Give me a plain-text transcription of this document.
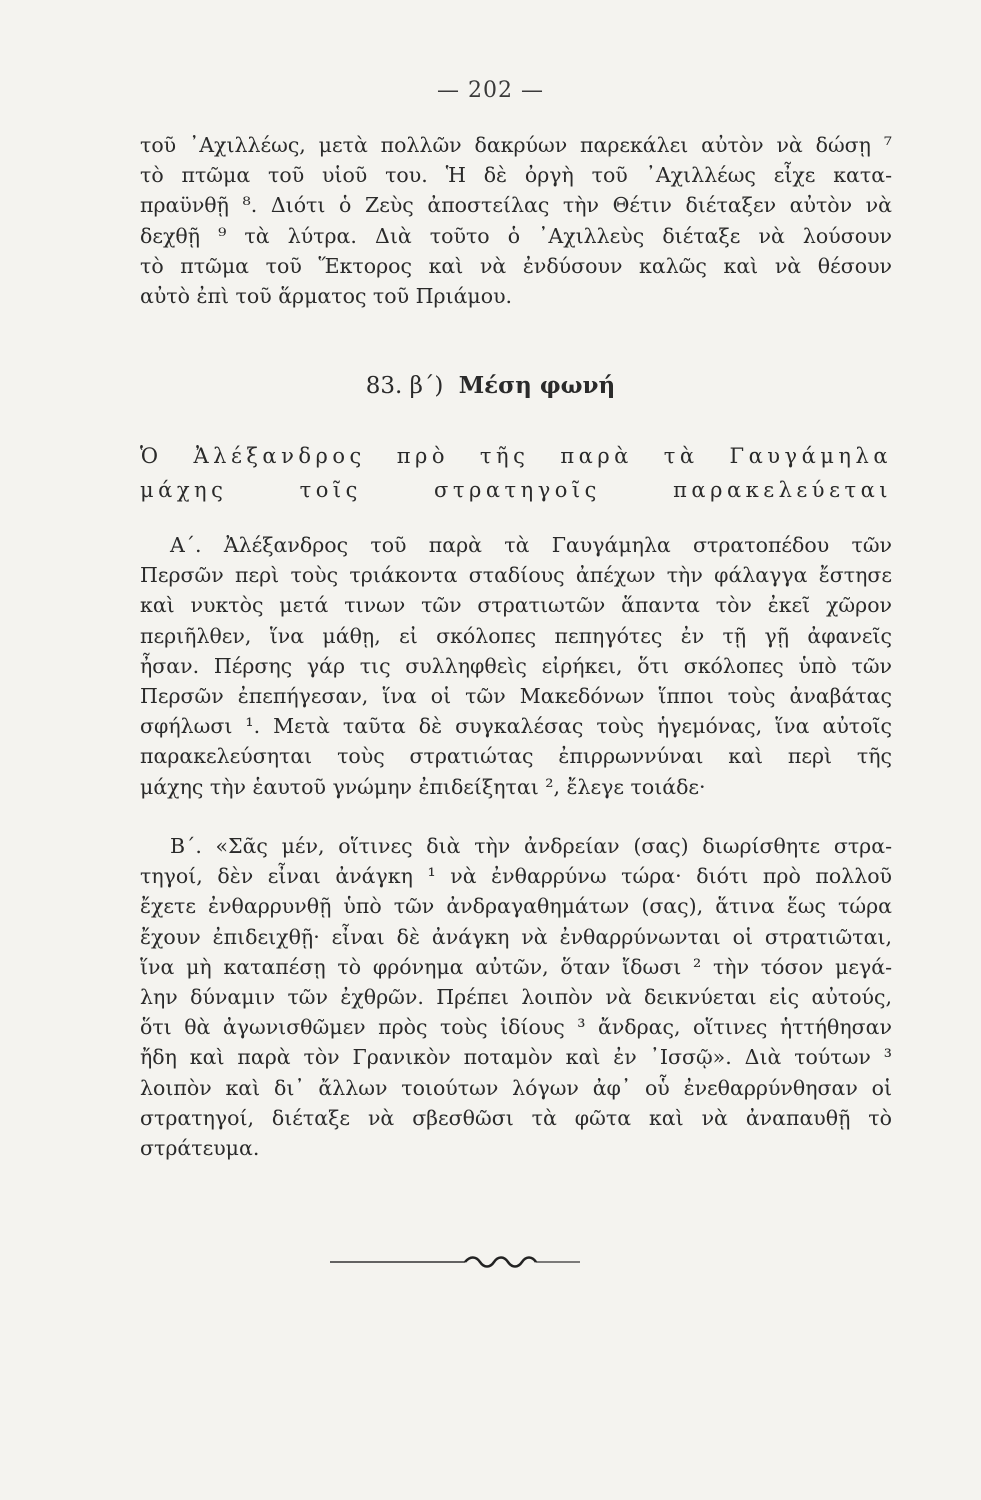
— 202 —
τοῦ ᾿Αχιλλέως, μετὰ πολλῶν δακρύων παρεκάλει αὐτὸν νὰ δώσῃ ⁷
τὸ πτῶμα τοῦ υἱοῦ του. Ἡ δὲ ὀργὴ τοῦ ᾿Αχιλλέως εἶχε κατα-
πραϋνθῇ ⁸. Διότι ὁ Ζεὺς ἀποστείλας τὴν Θέτιν διέταξεν αὐτὸν νὰ
δεχθῇ ⁹ τὰ λύτρα. Διὰ τοῦτο ὁ ᾿Αχιλλεὺς διέταξε νὰ λούσουν
τὸ πτῶμα τοῦ Ἕκτορος καὶ νὰ ἐνδύσουν καλῶς καὶ νὰ θέσουν
αὐτὸ ἐπὶ τοῦ ἅρματος τοῦ Πριάμου.
83. β´) Μέση φωνή
Ὁ Ἀλέξανδρος πρὸ τῆς παρὰ τὰ Γαυγάμηλα
μάχης τοῖς στρατηγοῖς παρακελεύεται
Α´. Ἀλέξανδρος τοῦ παρὰ τὰ Γαυγάμηλα στρατοπέδου τῶν
Περσῶν περὶ τοὺς τριάκοντα σταδίους ἀπέχων τὴν φάλαγγα ἔστησε
καὶ νυκτὸς μετά τινων τῶν στρατιωτῶν ἅπαντα τὸν ἐκεῖ χῶρον
περιῆλθεν, ἵνα μάθῃ, εἰ σκόλοπες πεπηγότες ἐν τῇ γῇ ἀφανεῖς
ἦσαν. Πέρσης γάρ τις συλληφθεὶς εἰρήκει, ὅτι σκόλοπες ὑπὸ τῶν
Περσῶν ἐπεπήγεσαν, ἵνα οἱ τῶν Μακεδόνων ἵπποι τοὺς ἀναβάτας
σφήλωσι ¹. Μετὰ ταῦτα δὲ συγκαλέσας τοὺς ἡγεμόνας, ἵνα αὐτοῖς
παρακελεύσηται τοὺς στρατιώτας ἐπιρρωννύναι καὶ περὶ τῆς
μάχης τὴν ἑαυτοῦ γνώμην ἐπιδείξηται ², ἔλεγε τοιάδε·
Β´. «Σᾶς μέν, οἵτινες διὰ τὴν ἀνδρείαν (σας) διωρίσθητε στρα-
τηγοί, δὲν εἶναι ἀνάγκη ¹ νὰ ἐνθαρρύνω τώρα· διότι πρὸ πολλοῦ
ἔχετε ἐνθαρρυνθῇ ὑπὸ τῶν ἀνδραγαθημάτων (σας), ἅτινα ἕως τώρα
ἔχουν ἐπιδειχθῇ· εἶναι δὲ ἀνάγκη νὰ ἐνθαρρύνωνται οἱ στρατιῶται,
ἵνα μὴ καταπέσῃ τὸ φρόνημα αὐτῶν, ὅταν ἴδωσι ² τὴν τόσον μεγά-
λην δύναμιν τῶν ἐχθρῶν. Πρέπει λοιπὸν νὰ δεικνύεται εἰς αὐτούς,
ὅτι θὰ ἀγωνισθῶμεν πρὸς τοὺς ἰδίους ³ ἄνδρας, οἵτινες ἡττήθησαν
ἤδη καὶ παρὰ τὸν Γρανικὸν ποταμὸν καὶ ἐν ᾿Ισσῷ». Διὰ τούτων ³
λοιπὸν καὶ δι᾿ ἄλλων τοιούτων λόγων ἀφ᾿ οὗ ἐνεθαρρύνθησαν οἱ
στρατηγοί, διέταξε νὰ σβεσθῶσι τὰ φῶτα καὶ νὰ ἀναπαυθῇ τὸ
στράτευμα.
